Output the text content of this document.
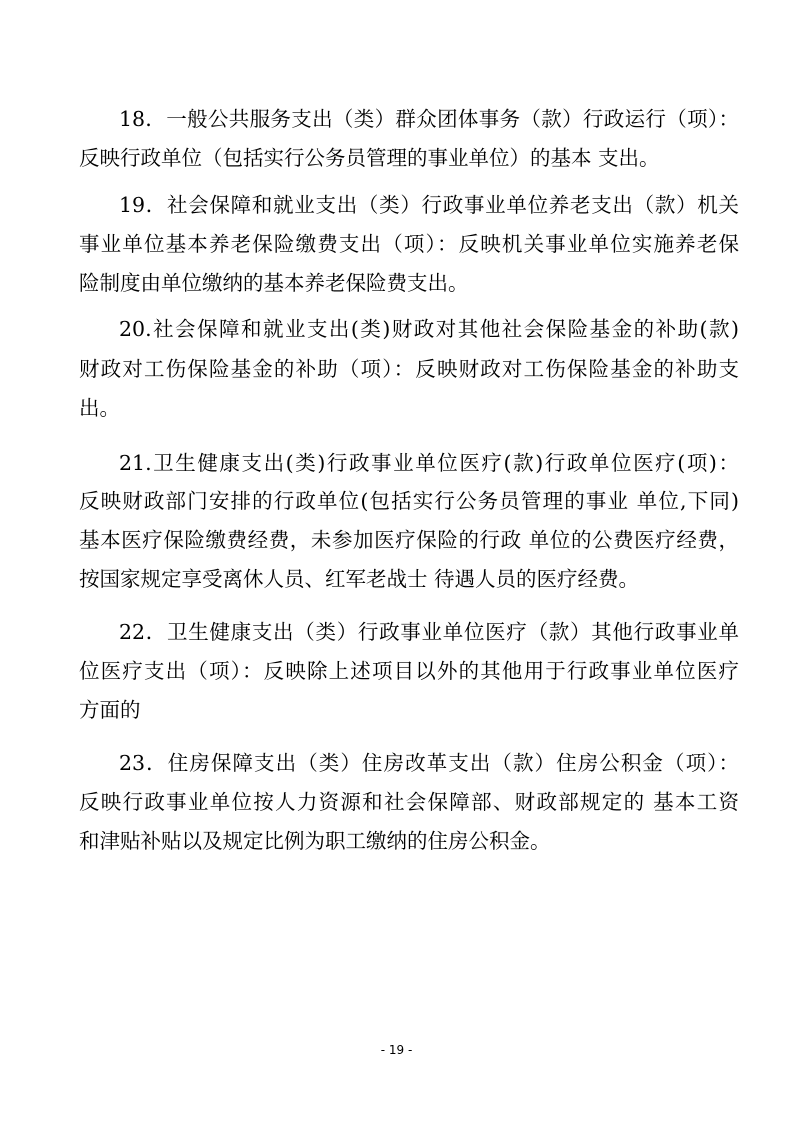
18．一般公共服务支出（类）群众团体事务（款）行政运行（项）：
反映行政单位（包括实行公务员管理的事业单位）的基本 支出。
19．社会保障和就业支出（类）行政事业单位养老支出（款）机关
事业单位基本养老保险缴费支出（项）：反映机关事业单位实施养老保
险制度由单位缴纳的基本养老保险费支出。
20.社会保障和就业支出(类)财政对其他社会保险基金的补助(款)
财政对工伤保险基金的补助（项）：反映财政对工伤保险基金的补助支
出。
21.卫生健康支出(类)行政事业单位医疗(款)行政单位医疗(项)：
反映财政部门安排的行政单位(包括实行公务员管理的事业 单位,下同)
基本医疗保险缴费经费，未参加医疗保险的行政 单位的公费医疗经费，
按国家规定享受离休人员、红军老战士 待遇人员的医疗经费。
22．卫生健康支出（类）行政事业单位医疗（款）其他行政事业单
位医疗支出（项）：反映除上述项目以外的其他用于行政事业单位医疗
方面的
23．住房保障支出（类）住房改革支出（款）住房公积金（项）：
反映行政事业单位按人力资源和社会保障部、财政部规定的 基本工资
和津贴补贴以及规定比例为职工缴纳的住房公积金。
- 19 -
